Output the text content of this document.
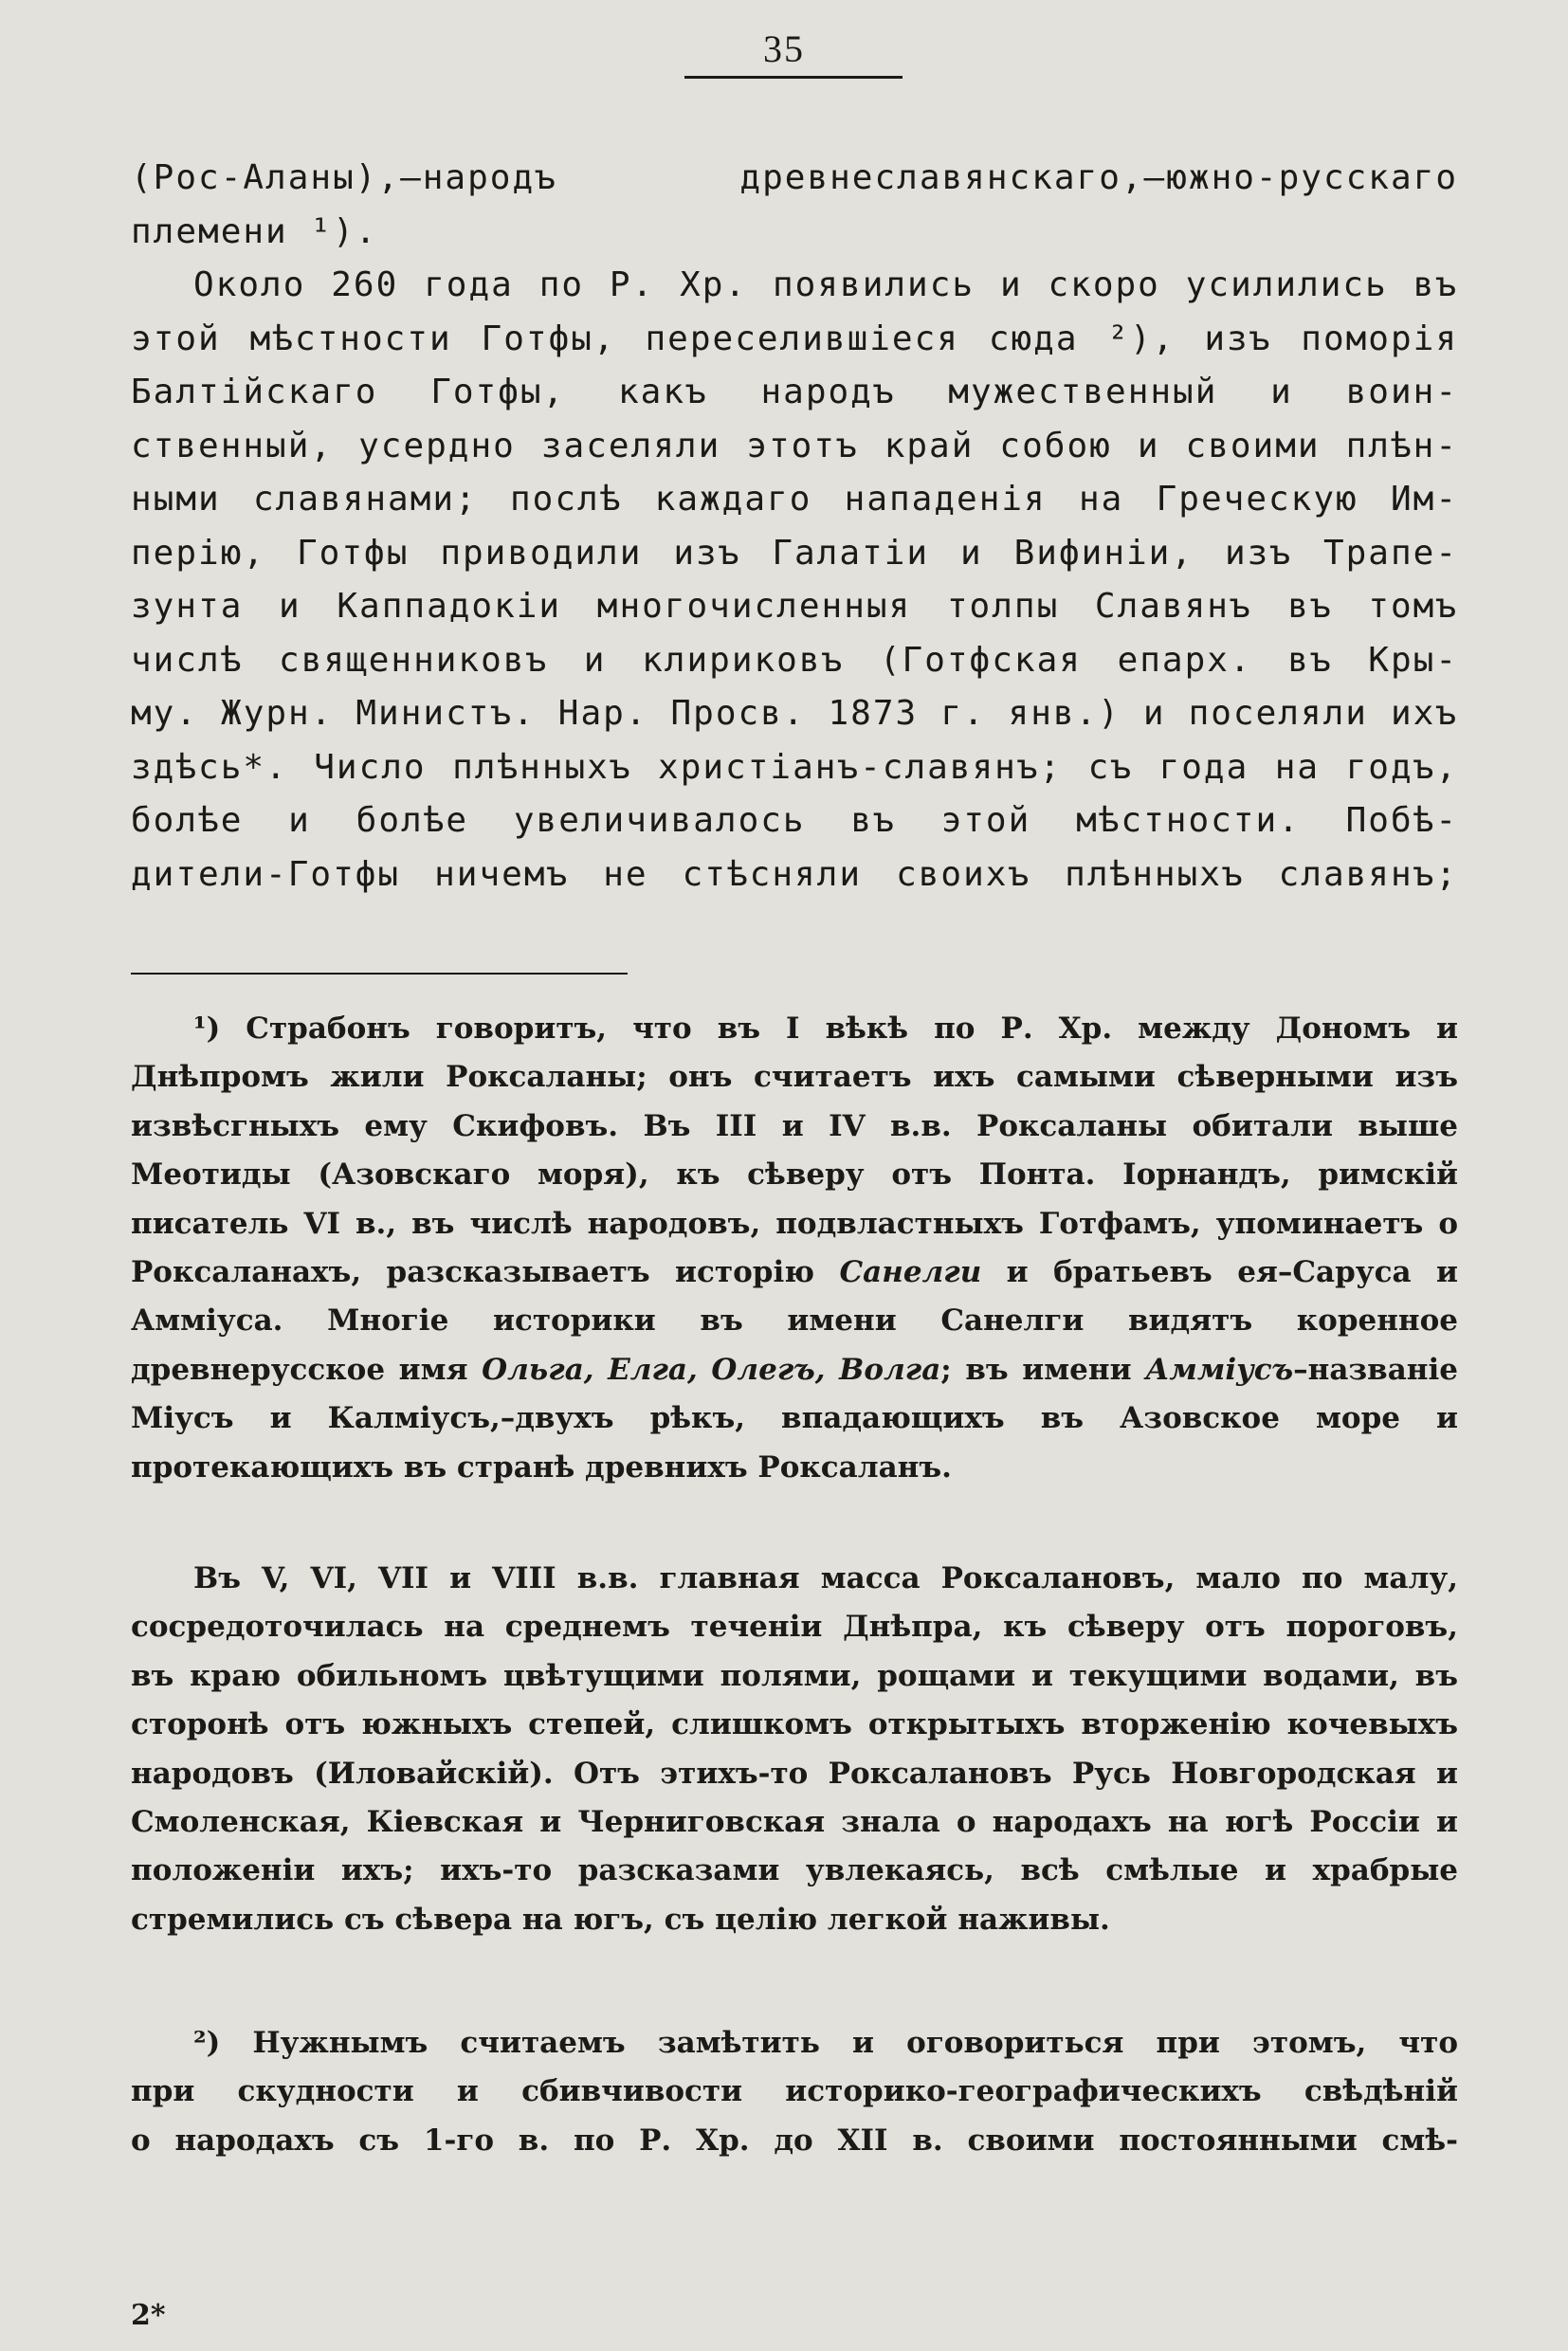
35
(Рос-Аланы),—народъ древнеславянскаго,—южно-русскаго
племени ¹).
Около 260 года по Р. Хр. появились и скоро усилились въ
этой мѣстности Готфы, переселившіеся сюда ²), изъ поморія
Балтійскаго Готфы, какъ народъ мужественный и воин-
ственный, усердно заселяли этотъ край собою и своими плѣн-
ными славянами; послѣ каждаго нападенія на Греческую Им-
перію, Готфы приводили изъ Галатіи и Вифиніи, изъ Трапе-
зунта и Каппадокіи многочисленныя толпы Славянъ въ томъ
числѣ священниковъ и клириковъ (Готфская епарх. въ Кры-
му. Журн. Министъ. Нар. Просв. 1873 г. янв.) и поселяли ихъ
здѣсь*. Число плѣнныхъ христіанъ-славянъ; съ года на годъ,
болѣе и болѣе увеличивалось въ этой мѣстности. Побѣ-
дители-Готфы ничемъ не стѣсняли своихъ плѣнныхъ славянъ;
¹) Страбонъ говоритъ, что въ I вѣкѣ по Р. Хр. между Дономъ и
Днѣпромъ жили Роксаланы; онъ считаетъ ихъ самыми сѣверными изъ
извѣсгныхъ ему Скифовъ. Въ III и IV в.в. Роксаланы обитали выше
Меотиды (Азовскаго моря), къ сѣверу отъ Понта. Іорнандъ, римскій
писатель VI в., въ числѣ народовъ, подвластныхъ Готфамъ, упоминаетъ о
Роксаланахъ, разсказываетъ исторію Санелги и братьевъ ея–Саруса и
Аммiуса. Многiе историки въ имени Санелги видятъ коренное
древнерусское имя Ольга, Елга, Олегъ, Волга; въ имени Аммiусъ–названiе
Мiусъ и Калмiусъ,–двухъ рѣкъ, впадающихъ въ Азовское море и
протекающихъ въ странѣ древнихъ Роксаланъ.
Въ V, VI, VII и VIII в.в. главная масса Роксалановъ, мало по малу,
сосредоточилась на среднемъ теченiи Днѣпра, къ сѣверу отъ пороговъ,
въ краю обильномъ цвѣтущими полями, рощами и текущими водами, въ
сторонѣ отъ южныхъ степей, слишкомъ открытыхъ вторженiю кочевыхъ
народовъ (Иловайскiй). Отъ этихъ-то Роксалановъ Русь Новгородская и
Смоленская, Кiевская и Черниговская знала о народахъ на югѣ Россiи и
положенiи ихъ; ихъ-то разсказами увлекаясь, всѣ смѣлые и храбрые
стремились съ сѣвера на югъ, съ целiю легкой наживы.
²) Нужнымъ считаемъ замѣтить и оговориться при этомъ, что
при скудности и сбивчивости историко-географическихъ свѣдѣнiй
о народахъ съ 1-го в. по Р. Хр. до XII в. своими постоянными смѣ-
2*
